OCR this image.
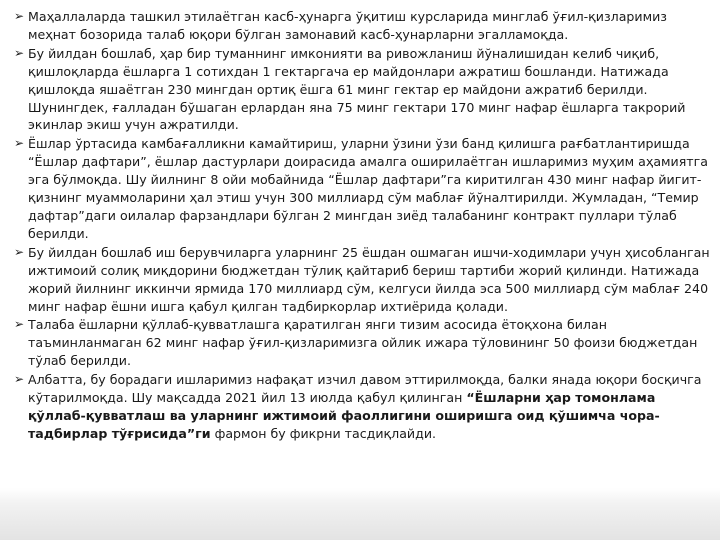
➢ Маҳаллаларда ташкил этилаётган касб-ҳунарга ўқитиш курсларида минглаб ўғил-қизларимиз меҳнат бозорида талаб юқори бўлган замонавий касб-ҳунарларни эгалламоқда.
➢ Бу йилдан бошлаб, ҳар бир туманнинг имконияти ва ривожланиш йўналишидан келиб чиқиб, қишлоқларда ёшларга 1 сотихдан 1 гектаргача ер майдонлари ажратиш бошланди. Натижада қишлоқда яшаётган 230 мингдан ортиқ ёшга 61 минг гектар ер майдони ажратиб берилди. Шунингдек, ғалладан бўшаган ерлардан яна 75 минг гектари 170 минг нафар ёшларга такрорий экинлар экиш учун ажратилди.
➢ Ёшлар ўртасида камбағалликни камайтириш, уларни ўзини ўзи банд қилишга рағбатлантиришда “Ёшлар дафтари”, ёшлар дастурлари доирасида амалга оширилаётган ишларимиз муҳим аҳамиятга эга бўлмоқда. Шу йилнинг 8 ойи мобайнида “Ёшлар дафтари”га киритилган 430 минг нафар йигит-қизнинг муаммоларини ҳал этиш учун 300 миллиард сўм маблағ йўналтирилди. Жумладан, “Темир дафтар”даги оилалар фарзандлари бўлган 2 мингдан зиёд талабанинг контракт пуллари тўлаб берилди.
➢ Бу йилдан бошлаб иш берувчиларга уларнинг 25 ёшдан ошмаган ишчи-ходимлари учун ҳисобланган ижтимоий солиқ миқдорини бюджетдан тўлиқ қайтариб бериш тартиби жорий қилинди. Натижада жорий йилнинг иккинчи ярмида 170 миллиард сўм, келгуси йилда эса 500 миллиард сўм маблағ 240 минг нафар ёшни ишга қабул қилган тадбиркорлар ихтиёрида қолади.
➢ Талаба ёшларни қўллаб-қувватлашга қаратилган янги тизим асосида ётоқхона билан таъминланмаган 62 минг нафар ўғил-қизларимизга ойлик ижара тўловининг 50 фоизи бюджетдан тўлаб берилди.
➢ Албатта, бу борадаги ишларимиз нафақат изчил давом эттирилмоқда, балки янада юқори босқичга кўтарилмоқда. Шу мақсадда 2021 йил 13 июлда қабул қилинган “Ёшларни ҳар томонлама қўллаб-қувватлаш ва уларнинг ижтимоий фаоллигини оширишга оид қўшимча чора-тадбирлар тўғрисида”ги фармон бу фикрни тасдиқлайди.
